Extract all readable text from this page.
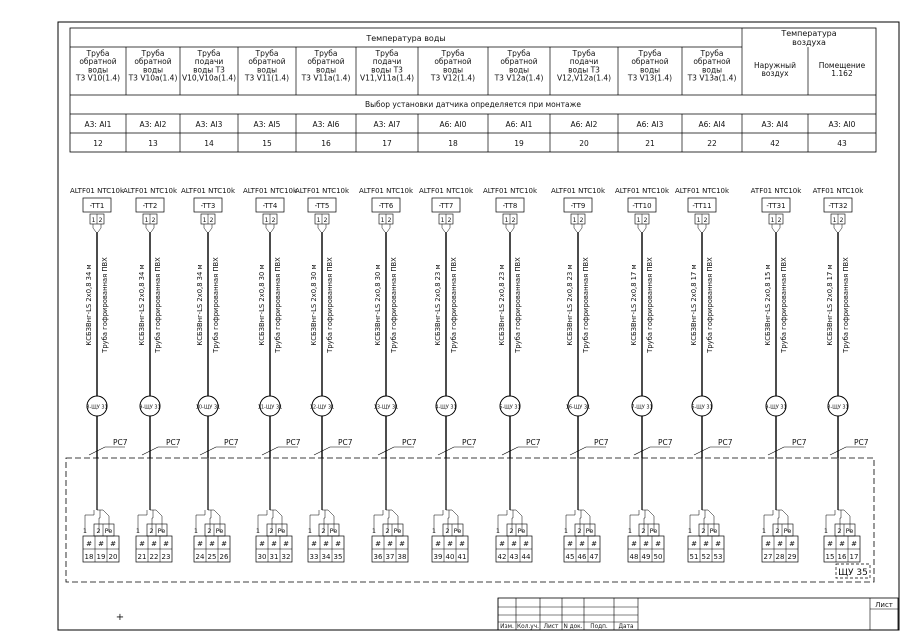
Температура воды
Температура
воздуха
Выбор установки датчика определяется при монтаже
Труба
обратной
воды
Т3 V10(1.4)
A3: AI1
12
Труба
обратной
воды
Т3 V10а(1.4)
A3: AI2
13
Труба
подачи
воды Т3
V10,V10а(1.4)
A3: AI3
14
Труба
обратной
воды
Т3 V11(1.4)
A3: AI5
15
Труба
обратной
воды
Т3 V11а(1.4)
A3: AI6
16
Труба
подачи
воды Т3
V11,V11а(1.4)
A3: AI7
17
Труба
обратной
воды
Т3 V12(1.4)
A6: AI0
18
Труба
обратной
воды
Т3 V12а(1.4)
A6: AI1
19
Труба
подачи
воды Т3
V12,V12а(1.4)
A6: AI2
20
Труба
обратной
воды
Т3 V13(1.4)
A6: AI3
21
Труба
обратной
воды
Т3 V13а(1.4)
A6: AI4
22
Наружный
воздух
A3: AI4
42
Помещение
1.162
A3: AI0
43
ALTF01 NTC10k
-TT1
1 2
КСБЗВнг-LS 2х0,8 34 м Труба гофрированная ПВХ
8-ЩУ 31
РС7
1 2 Pe
#
18
#
19
#
20
ALTF01 NTC10k
-TT2
1 2
КСБЗВнг-LS 2х0,8 34 м Труба гофрированная ПВХ
9-ЩУ 31
РС7
1 2 Pe
#
21
#
22
#
23
ALTF01 NTC10k
-TT3
1 2
КСБЗВнг-LS 2х0,8 34 м Труба гофрированная ПВХ
10-ЩУ 31
РС7
1 2 Pe
#
24
#
25
#
26
ALTF01 NTC10k
-TT4
1 2
КСБЗВнг-LS 2х0,8 30 м Труба гофрированная ПВХ
11-ЩУ 31
РС7
1 2 Pe
#
30
#
31
#
32
ALTF01 NTC10k
-TT5
1 2
КСБЗВнг-LS 2х0,8 30 м Труба гофрированная ПВХ
12-ЩУ 31
РС7
1 2 Pe
#
33
#
34
#
35
ALTF01 NTC10k
-TT6
1 2
КСБЗВнг-LS 2х0,8 30 м Труба гофрированная ПВХ
13-ЩУ 31
РС7
1 2 Pe
#
36
#
37
#
38
ALTF01 NTC10k
-TT7
1 2
КСБЗВнг-LS 2х0,8 23 м Труба гофрированная ПВХ
4-ЩУ 31
РС7
1 2 Pe
#
39
#
40
#
41
ALTF01 NTC10k
-TT8
1 2
КСБЗВнг-LS 2х0,8 23 м Труба гофрированная ПВХ
5-ЩУ 31
РС7
1 2 Pe
#
42
#
43
#
44
ALTF01 NTC10k
-TT9
1 2
КСБЗВнг-LS 2х0,8 23 м Труба гофрированная ПВХ
16-ЩУ 31
РС7
1 2 Pe
#
45
#
46
#
47
ALTF01 NTC10k
-TT10
1 2
КСБЗВнг-LS 2х0,8 17 м Труба гофрированная ПВХ
7-ЩУ 31
РС7
1 2 Pe
#
48
#
49
#
50
ALTF01 NTC10k
-TT11
1 2
КСБЗВнг-LS 2х0,8 17 м Труба гофрированная ПВХ
6-ЩУ 31
РС7
1 2 Pe
#
51
#
52
#
53
ATF01 NTC10k
-TT31
1 2
КСБЗВнг-LS 2х0,8 15 м Труба гофрированная ПВХ
9-ЩУ 31
РС7
1 2 Pe
#
27
#
28
#
29
ATF01 NTC10k
-TT32
1 2
КСБЗВнг-LS 2х0,8 17 м Труба гофрированная ПВХ
8-ЩУ 31
РС7
1 2 Pe
#
15
#
16
#
17
ЩУ 35
Изм. Кол.уч. Лист N док. Подп. Дата
Лист
+
